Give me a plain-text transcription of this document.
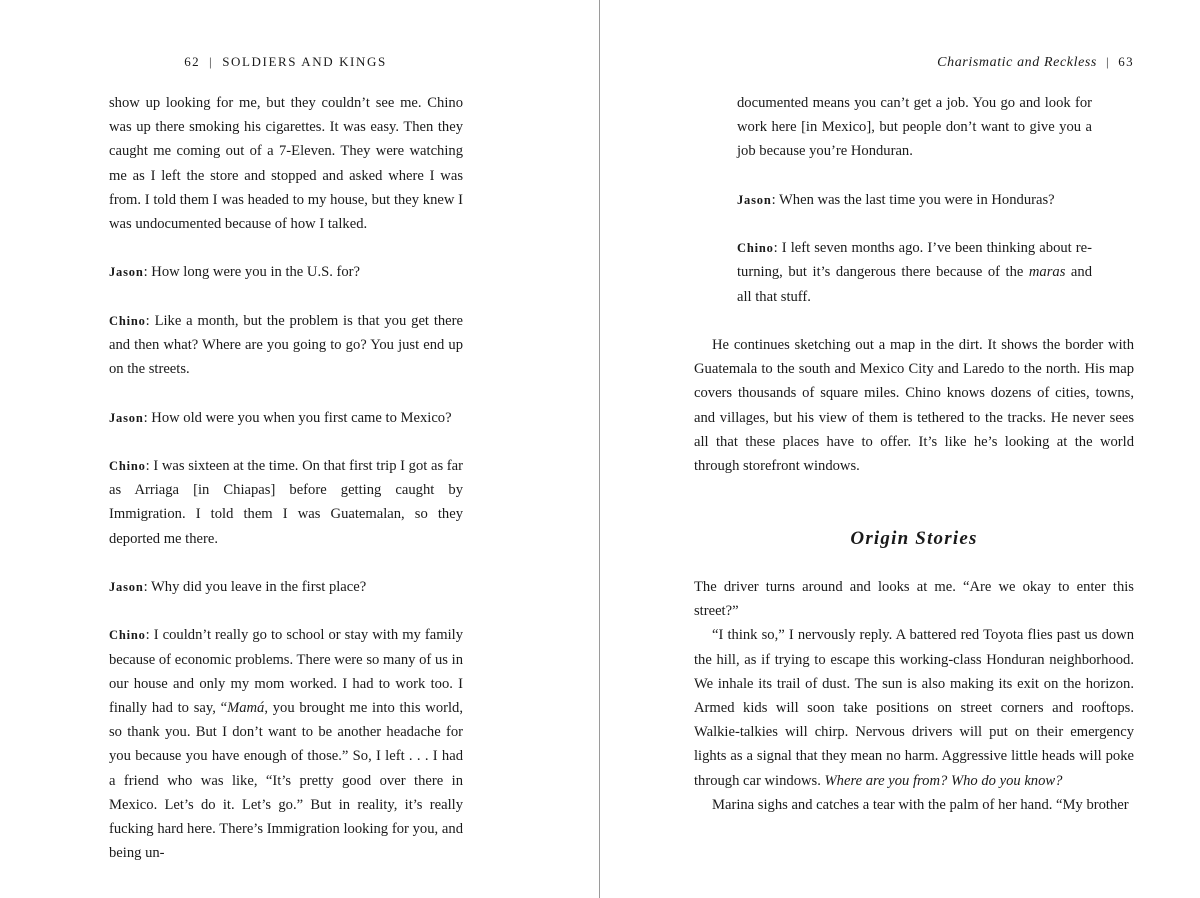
62 | SOLDIERS AND KINGS

show up looking for me, but they couldn’t see me. Chino was up there smoking his cigarettes. It was easy. Then they caught me coming out of a 7-Eleven. They were watching me as I left the store and stopped and asked where I was from. I told them I was headed to my house, but they knew I was undocumented because of how I talked.

Jason: How long were you in the U.S. for?

Chino: Like a month, but the problem is that you get there and then what? Where are you going to go? You just end up on the streets.

Jason: How old were you when you first came to Mexico?

Chino: I was sixteen at the time. On that first trip I got as far as Arriaga [in Chiapas] before getting caught by Immigration. I told them I was Guatemalan, so they deported me there.

Jason: Why did you leave in the first place?

Chino: I couldn’t really go to school or stay with my family because of economic problems. There were so many of us in our house and only my mom worked. I had to work too. I finally had to say, “Mamá, you brought me into this world, so thank you. But I don’t want to be another headache for you because you have enough of those.” So, I left . . . I had a friend who was like, “It’s pretty good over there in Mexico. Let’s do it. Let’s go.” But in reality, it’s really fucking hard here. There’s Immigration looking for you, and being un-

Charismatic and Reckless | 63

documented means you can’t get a job. You go and look for work here [in Mexico], but people don’t want to give you a job because you’re Honduran.

Jason: When was the last time you were in Honduras?

Chino: I left seven months ago. I’ve been thinking about returning, but it’s dangerous there because of the maras and all that stuff.

He continues sketching out a map in the dirt. It shows the border with Guatemala to the south and Mexico City and Laredo to the north. His map covers thousands of square miles. Chino knows dozens of cities, towns, and villages, but his view of them is tethered to the tracks. He never sees all that these places have to offer. It’s like he’s looking at the world through storefront windows.

Origin Stories

The driver turns around and looks at me. “Are we okay to enter this street?”

“I think so,” I nervously reply. A battered red Toyota flies past us down the hill, as if trying to escape this working-class Honduran neighborhood. We inhale its trail of dust. The sun is also making its exit on the horizon. Armed kids will soon take positions on street corners and rooftops. Walkie-talkies will chirp. Nervous drivers will put on their emergency lights as a signal that they mean no harm. Aggressive little heads will poke through car windows. Where are you from? Who do you know?

Marina sighs and catches a tear with the palm of her hand. “My brother
